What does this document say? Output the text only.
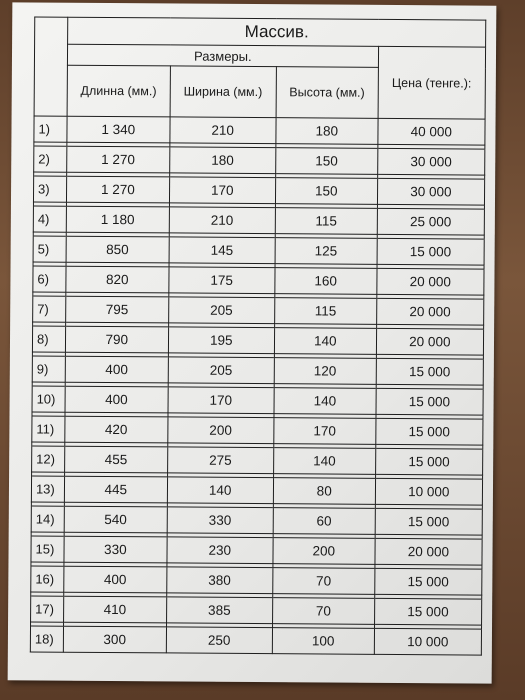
	Массив.			
	Размеры.			Цена (тенге.):
	Длинна (мм.)	Ширина (мм.)	Высота (мм.)	
1)	1 340	210	180	40 000

2)	1 270	180	150	30 000

3)	1 270	170	150	30 000

4)	1 180	210	115	25 000

5)	850	145	125	15 000

6)	820	175	160	20 000

7)	795	205	115	20 000

8)	790	195	140	20 000

9)	400	205	120	15 000

10)	400	170	140	15 000

11)	420	200	170	15 000

12)	455	275	140	15 000

13)	445	140	80	10 000

14)	540	330	60	15 000

15)	330	230	200	20 000

16)	400	380	70	15 000

17)	410	385	70	15 000

18)	300	250	100	10 000
